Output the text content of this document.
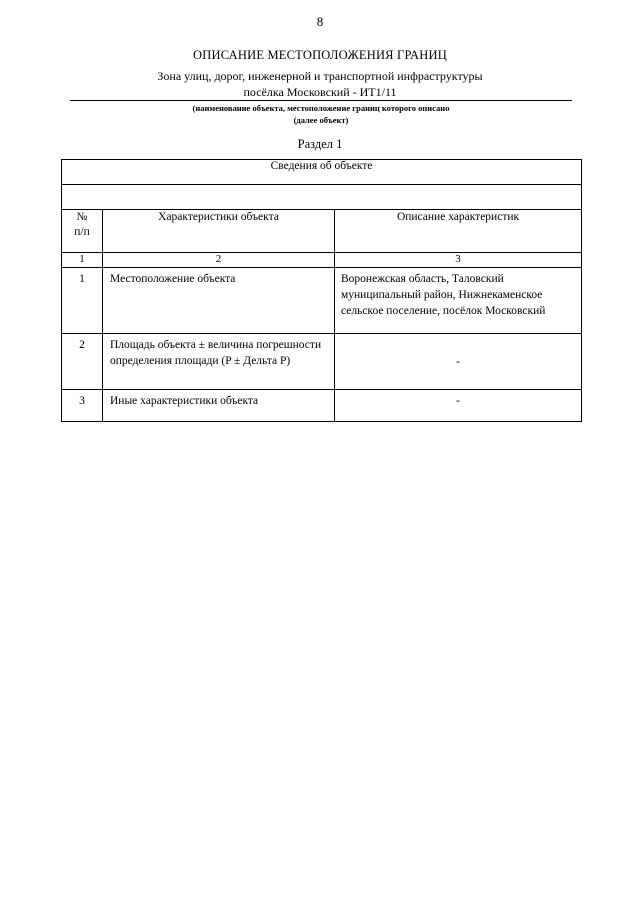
8
ОПИСАНИЕ МЕСТОПОЛОЖЕНИЯ ГРАНИЦ
Зона улиц, дорог, инженерной и транспортной инфраструктуры
посёлка Московский - ИТ1/11
(наименование объекта, местоположение границ которого описано
(далее объект)
Раздел 1
Сведения об объекте		

№
п/п	Характеристики объекта	Описание характеристик
1	2	3
1	Местоположение объекта	Воронежская область, Таловский муниципальный район, Нижнекаменское сельское поселение, посёлок Московский
2	Площадь объекта ± величина погрешности определения площади (P ± Дельта P)	-
3	Иные характеристики объекта	-
